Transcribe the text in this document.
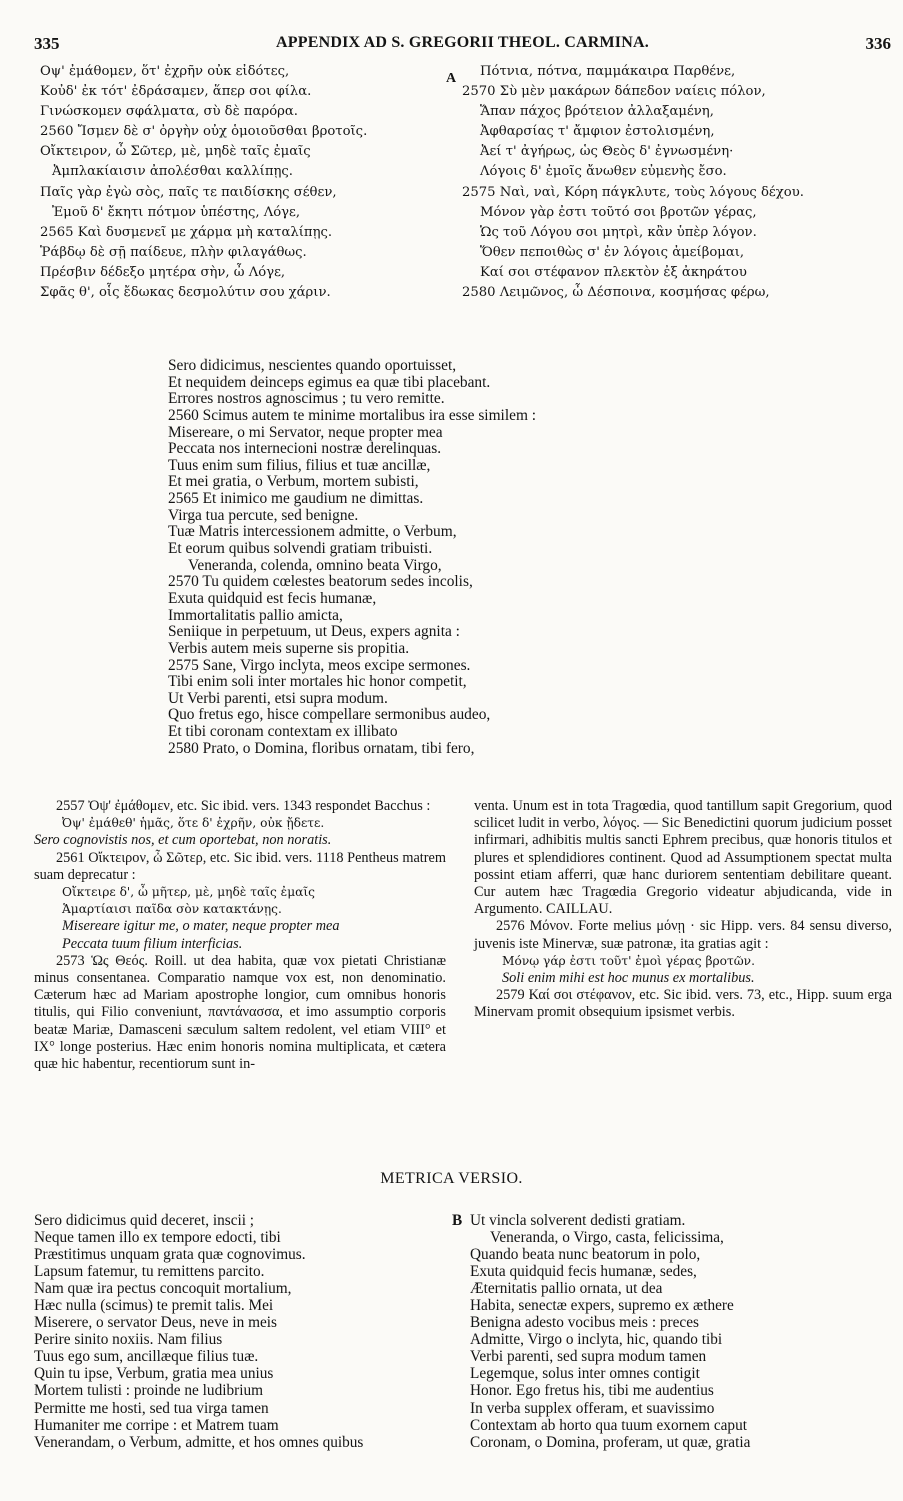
335	APPENDIX AD S. GREGORII THEOL. CARMINA.	336
Οψ' ἐμάθομεν, ὅτ' ἐχρῆν οὐκ εἰδότες,
Κοὐδ' ἐκ τότ' ἐδράσαμεν, ἅπερ σοι φίλα.
Γινώσκομεν σφάλματα, σὺ δὲ παρόρα.
2560 Ἴσμεν δὲ σ' ὀργὴν οὐχ ὁμοιοῦσθαι βροτοῖς.
Οἴκτειρον, ὦ Σῶτερ, μὲ, μηδὲ ταῖς ἐμαῖς
Ἀμπλακίαισιν ἀπολέσθαι καλλίπῃς.
Παῖς γὰρ ἐγὼ σὸς, παῖς τε παιδίσκης σέθεν,
Ἐμοῦ δ' ἔκητι πότμον ὑπέστης, Λόγε,
2565 Καὶ δυσμενεῖ με χάρμα μὴ καταλίπῃς.
Ῥάβδῳ δὲ σῇ παίδευε, πλὴν φιλαγάθως.
Πρέσβιν δέδεξο μητέρα σὴν, ὦ Λόγε,
Σφᾶς θ', οἷς ἔδωκας δεσμολύτιν σου χάριν.
A	Πότνια, πότνα, παμμάκαιρα Παρθένε,
2570 Σὺ μὲν μακάρων δάπεδον ναίεις πόλον,
Ἅπαν πάχος βρότειον ἀλλαξαμένη,
Ἀφθαρσίας τ' ἄμφιον ἐστολισμένη,
Ἀεί τ' ἀγήρως, ὡς Θεὸς δ' ἐγνωσμένη·
Λόγοις δ' ἐμοῖς ἄνωθεν εὐμενὴς ἔσο.
2575 Ναὶ, ναὶ, Κόρη πάγκλυτε, τοὺς λόγους δέχου.
Μόνον γὰρ ἐστι τοῦτό σοι βροτῶν γέρας,
Ὡς τοῦ Λόγου σοι μητρὶ, κἂν ὑπὲρ λόγον.
Ὅθεν πεποιθὼς σ' ἐν λόγοις ἀμείβομαι,
Καί σοι στέφανον πλεκτὸν ἐξ ἀκηράτου
2580 Λειμῶνος, ὦ Δέσποινα, κοσμήσας φέρω,
Sero didicimus, nescientes quando oportuisset,
Et nequidem deinceps egimus ea quæ tibi placebant.
Errores nostros agnoscimus ; tu vero remitte.
2560 Scimus autem te minime mortalibus ira esse similem :
Misereare, o mi Servator, neque propter mea
Peccata nos internecioni nostræ derelinquas.
Tuus enim sum filius, filius et tuæ ancillæ,
Et mei gratia, o Verbum, mortem subisti,
2565 Et inimico me gaudium ne dimittas.
Virga tua percute, sed benigne.
Tuæ Matris intercessionem admitte, o Verbum,
Et eorum quibus solvendi gratiam tribuisti.
Veneranda, colenda, omnino beata Virgo,
2570 Tu quidem cœlestes beatorum sedes incolis,
Exuta quidquid est fecis humanæ,
Immortalitatis pallio amicta,
Seniique in perpetuum, ut Deus, expers agnita :
Verbis autem meis superne sis propitia.
2575 Sane, Virgo inclyta, meos excipe sermones.
Tibi enim soli inter mortales hic honor competit,
Ut Verbi parenti, etsi supra modum.
Quo fretus ego, hisce compellare sermonibus audeo,
Et tibi coronam contextam ex illibato
2580 Prato, o Domina, floribus ornatam, tibi fero,

2557 Ὀψ' ἐμάθομεν, etc. Sic ibid. vers. 1343 respondet Bacchus :

Ὀψ' ἐμάθεθ' ἡμᾶς, ὅτε δ' ἐχρῆν, οὐκ ᾔδετε.

Sero cognovistis nos, et cum oportebat, non noratis.

2561 Οἴκτειρον, ὦ Σῶτερ, etc. Sic ibid. vers. 1118 Pentheus matrem suam deprecatur :

Οἴκτειρε δ', ὦ μῆτερ, μὲ, μηδὲ ταῖς ἐμαῖς

Ἁμαρτίαισι παῖδα σὸν κατακτάνῃς.

Misereare igitur me, o mater, neque propter mea

Peccata tuum filium interficias.

2573 Ὡς Θεός. Roill. ut dea habita, quæ vox pietati Christianæ minus consentanea. Comparatio namque vox est, non denominatio. Cæterum hæc ad Mariam apostrophe longior, cum omnibus honoris titulis, qui Filio conveniunt, παντάνασσα, et imo assumptio corporis beatæ Mariæ, Damasceni sæculum saltem redolent, vel etiam VIII° et IX° longe posterius. Hæc enim honoris nomina multiplicata, et cætera quæ hic habentur, recentiorum sunt in-

venta. Unum est in tota Tragœdia, quod tantillum sapit Gregorium, quod scilicet ludit in verbo, λόγος. — Sic Benedictini quorum judicium posset infirmari, adhibitis multis sancti Ephrem precibus, quæ honoris titulos et plures et splendidiores continent. Quod ad Assumptionem spectat multa possint etiam afferri, quæ hanc duriorem sententiam debilitare queant. Cur autem hæc Tragœdia Gregorio videatur abjudicanda, vide in Argumento. CAILLAU.

2576 Μόνον. Forte melius μόνῃ · sic Hipp. vers. 84 sensu diverso, juvenis iste Minervæ, suæ patronæ, ita gratias agit :

Μόνῳ γάρ ἐστι τοῦτ' ἐμοὶ γέρας βροτῶν.

Soli enim mihi est hoc munus ex mortalibus.

2579 Καί σοι στέφανον, etc. Sic ibid. vers. 73, etc., Hipp. suum erga Minervam promit obsequium ipsismet verbis.

METRICA VERSIO.
Sero didicimus quid deceret, inscii ;
Neque tamen illo ex tempore edocti, tibi
Præstitimus unquam grata quæ cognovimus.
Lapsum fatemur, tu remittens parcito.
Nam quæ ira pectus concoquit mortalium,
Hæc nulla (scimus) te premit talis. Mei
Miserere, o servator Deus, neve in meis
Perire sinito noxiis. Nam filius
Tuus ego sum, ancillæque filius tuæ.
Quin tu ipse, Verbum, gratia mea unius
Mortem tulisti : proinde ne ludibrium
Permitte me hosti, sed tua virga tamen
Humaniter me corripe : et Matrem tuam
Venerandam, o Verbum, admitte, et hos omnes quibus
B Ut vincla solverent dedisti gratiam.
Veneranda, o Virgo, casta, felicissima,
Quando beata nunc beatorum in polo,
Exuta quidquid fecis humanæ, sedes,
Æternitatis pallio ornata, ut dea
Habita, senectæ expers, supremo ex æthere
Benigna adesto vocibus meis : preces
Admitte, Virgo o inclyta, hic, quando tibi
Verbi parenti, sed supra modum tamen
Legemque, solus inter omnes contigit
Honor. Ego fretus his, tibi me audentius
In verba supplex offeram, et suavissimo
Contextam ab horto qua tuum exornem caput
Coronam, o Domina, proferam, ut quæ, gratia
